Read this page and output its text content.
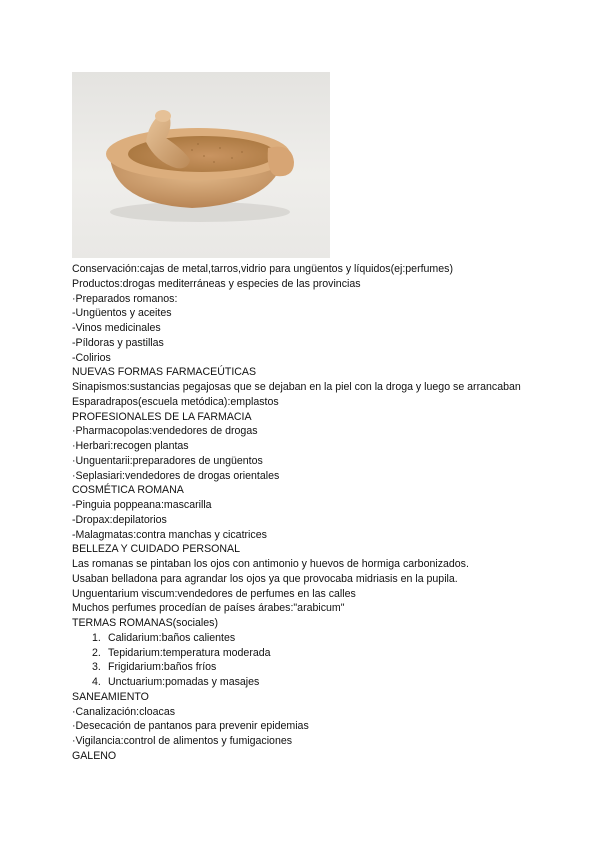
Conservación:cajas de metal,tarros,vidrio para ungüentos y líquidos(ej:perfumes)
Productos:drogas mediterráneas y especies de las provincias
·Preparados romanos:
-Ungüentos y aceites
-Vinos medicinales
-Píldoras y pastillas
-Colirios
NUEVAS FORMAS FARMACEÚTICAS
Sinapismos:sustancias pegajosas que se dejaban en la piel con la droga y luego se arrancaban
Esparadrapos(escuela metódica):emplastos
PROFESIONALES DE LA FARMACIA
·Pharmacopolas:vendedores de drogas
·Herbari:recogen plantas
·Unguentarii:preparadores de ungüentos
·Seplasiari:vendedores de drogas orientales
COSMÉTICA ROMANA
-Pinguia poppeana:mascarilla
-Dropax:depilatorios
-Malagmatas:contra manchas y cicatrices
BELLEZA Y CUIDADO PERSONAL
Las romanas se pintaban los ojos con antimonio y huevos de hormiga carbonizados.
Usaban belladona para agrandar los ojos ya que provocaba midriasis en la pupila.
Unguentarium viscum:vendedores de perfumes en las calles
Muchos perfumes procedían de países árabes:"arabicum"
TERMAS ROMANAS(sociales)
1. Calidarium:baños calientes
2. Tepidarium:temperatura moderada
3. Frigidarium:baños fríos
4. Unctuarium:pomadas y masajes
SANEAMIENTO
·Canalización:cloacas
·Desecación de pantanos para prevenir epidemias
·Vigilancia:control de alimentos y fumigaciones
GALENO
